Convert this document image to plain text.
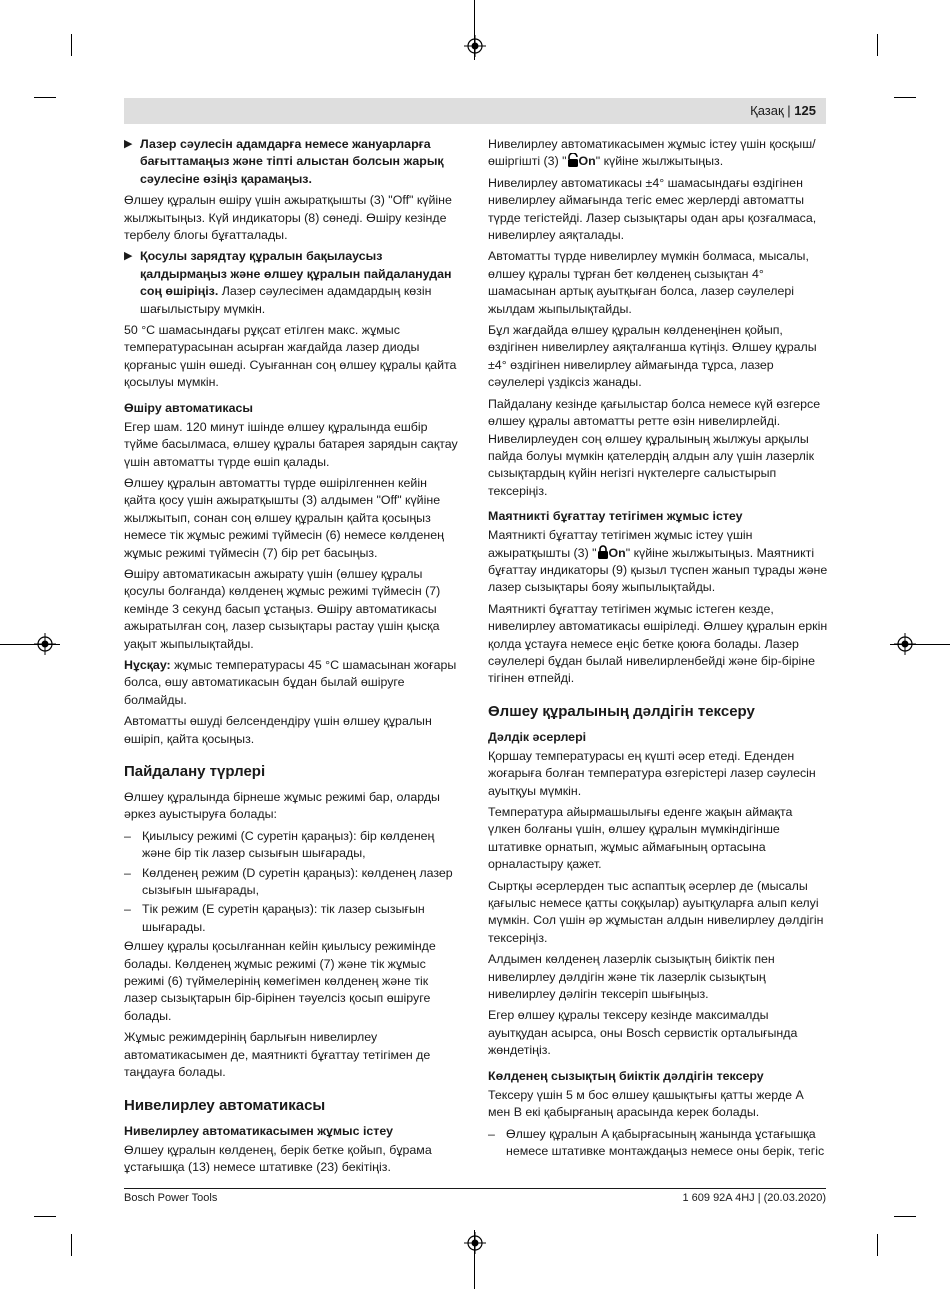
Қазақ | 125
▶ Лазер сәулесін адамдарға немесе жануарларға бағыттамаңыз және тіпті алыстан болсын жарық сәулесіне өзіңіз қарамаңыз.

Өлшеу құралын өшіру үшін ажыратқышты (3) "Off" күйіне жылжытыңыз. Күй индикаторы (8) сөнеді. Өшіру кезінде тербелу блогы бұғатталады.

▶ Қосулы зарядтау құралын бақылаусыз қалдырмаңыз және өлшеу құралын пайдаланудан соң өшіріңіз. Лазер сәулесімен адамдардың көзін шағылыстыру мүмкін.

50 °C шамасындағы рұқсат етілген макс. жұмыс температурасынан асырған жағдайда лазер диоды қорғаныс үшін өшеді. Суығаннан соң өлшеу құралы қайта қосылуы мүмкін.

Өшіру автоматикасы

Егер шам. 120 минут ішінде өлшеу құралында ешбір түйме басылмаса, өлшеу құралы батарея зарядын сақтау үшін автоматты түрде өшіп қалады.

Өлшеу құралын автоматты түрде өшірілгеннен кейін қайта қосу үшін ажыратқышты (3) алдымен "Off" күйіне жылжытып, сонан соң өлшеу құралын қайта қосыңыз немесе тік жұмыс режимі түймесін (6) немесе көлденең жұмыс режимі түймесін (7) бір рет басыңыз.

Өшіру автоматикасын ажырату үшін (өлшеу құралы қосулы болғанда) көлденең жұмыс режимі түймесін (7) кемінде 3 секунд басып ұстаңыз. Өшіру автоматикасы ажыратылған соң, лазер сызықтары растау үшін қысқа уақыт жыпылықтайды.

Нұсқау: жұмыс температурасы 45 °C шамасынан жоғары болса, өшу автоматикасын бұдан былай өшіруге болмайды.

Автоматты өшуді белсендендіру үшін өлшеу құралын өшіріп, қайта қосыңыз.

Пайдалану түрлері

Өлшеу құралында бірнеше жұмыс режимі бар, оларды әркез ауыстыруға болады:

– Қиылысу режимі (C суретін қараңыз): бір көлденең және бір тік лазер сызығын шығарады,
– Көлденең режим (D суретін қараңыз): көлденең лазер сызығын шығарады,
– Тік режим (E суретін қараңыз): тік лазер сызығын шығарады.

Өлшеу құралы қосылғаннан кейін қиылысу режимінде болады. Көлденең жұмыс режимі (7) және тік жұмыс режимі (6) түймелерінің көмегімен көлденең және тік лазер сызықтарын бір-бірінен тәуелсіз қосып өшіруге болады.

Жұмыс режимдерінің барлығын нивелирлеу автоматикасымен де, маятникті бұғаттау тетігімен де таңдауға болады.

Нивелирлеу автоматикасы
Нивелирлеу автоматикасымен жұмыс істеу

Өлшеу құралын көлденең, берік бетке қойып, бұрама ұстағышқа (13) немесе штативке (23) бекітіңіз.

Нивелирлеу автоматикасымен жұмыс істеу үшін қосқыш/өшіргішті (3) " On" күйіне жылжытыңыз.

Нивелирлеу автоматикасы ±4° шамасындағы өздігінен нивелирлеу аймағында тегіс емес жерлерді автоматты түрде тегістейді. Лазер сызықтары одан ары қозғалмаса, нивелирлеу аяқталады.

Автоматты түрде нивелирлеу мүмкін болмаса, мысалы, өлшеу құралы тұрған бет көлденең сызықтан 4° шамасынан артық ауытқыған болса, лазер сәулелері жылдам жыпылықтайды.

Бұл жағдайда өлшеу құралын көлденеңінен қойып, өздігінен нивелирлеу аяқталғанша күтіңіз. Өлшеу құралы ±4° өздігінен нивелирлеу аймағында тұрса, лазер сәулелері үздіксіз жанады.

Пайдалану кезінде қағылыстар болса немесе күй өзгерсе өлшеу құралы автоматты ретте өзін нивелирлейді. Нивелирлеуден соң өлшеу құралының жылжуы арқылы пайда болуы мүмкін қателердің алдын алу үшін лазерлік сызықтардың күйін негізгі нүктелерге салыстырып тексеріңіз.

Маятникті бұғаттау тетігімен жұмыс істеу

Маятникті бұғаттау тетігімен жұмыс істеу үшін ажыратқышты (3) " On" күйіне жылжытыңыз. Маятникті бұғаттау индикаторы (9) қызыл түспен жанып тұрады және лазер сызықтары бояу жыпылықтайды.

Маятникті бұғаттау тетігімен жұмыс істеген кезде, нивелирлеу автоматикасы өшіріледі. Өлшеу құралын еркін қолда ұстауға немесе еңіс бетке қоюға болады. Лазер сәулелері бұдан былай нивелирленбейді және бір-біріне тігінен өтпейді.

Өлшеу құралының дәлдігін тексеру
Дәлдік әсерлері

Қоршау температурасы ең күшті әсер етеді. Еденден жоғарыға болған температура өзгерістері лазер сәулесін ауытқуы мүмкін.

Температура айырмашылығы еденге жақын аймақта үлкен болғаны үшін, өлшеу құралын мүмкіндігінше штативке орнатып, жұмыс аймағының ортасына орналастыру қажет.

Сыртқы әсерлерден тыс аспаптық әсерлер де (мысалы қағылыс немесе қатты соққылар) ауытқуларға алып келуі мүмкін. Сол үшін әр жұмыстан алдын нивелирлеу дәлдігін тексеріңіз.

Алдымен көлденең лазерлік сызықтың биіктік пен нивелирлеу дәлдігін және тік лазерлік сызықтың нивелирлеу дәлігін тексеріп шығыңыз.

Егер өлшеу құралы тексеру кезінде максималды ауытқудан асырса, оны Bosch сервистік орталығында жөндетіңіз.

Көлденең сызықтың биіктік дәлдігін тексеру

Тексеру үшін 5 м бос өлшеу қашықтығы қатты жерде A мен B екі қабырғаның арасында керек болады.

– Өлшеу құралын A қабырғасының жанында ұстағышқа немесе штативке монтаждаңыз немесе оны берік, тегіс
Bosch Power Tools	1 609 92A 4HJ | (20.03.2020)
